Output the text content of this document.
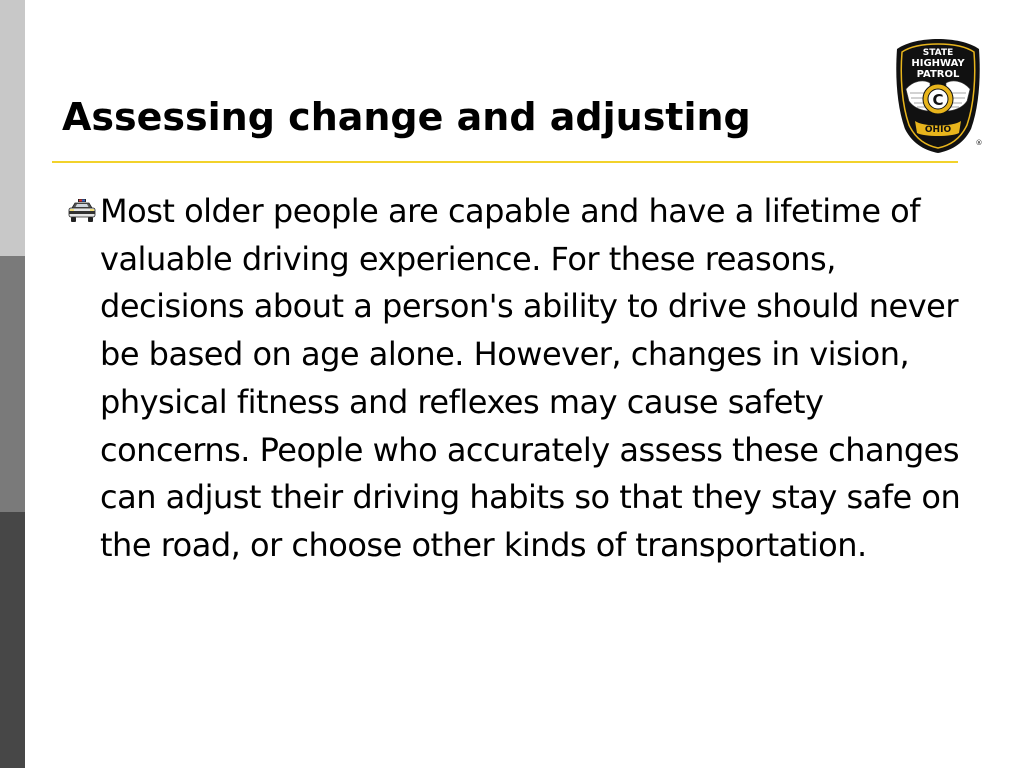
Assessing change and adjusting	C
STATE
HIGHWAY
PATROL
OHIO
®

Most older people are capable and have a lifetime of valuable driving experience. For these reasons, decisions about a person's ability to drive should never be based on age alone. However, changes in vision, physical fitness and reflexes may cause safety concerns. People who accurately assess these changes can adjust their driving habits so that they stay safe on the road, or choose other kinds of transportation.
